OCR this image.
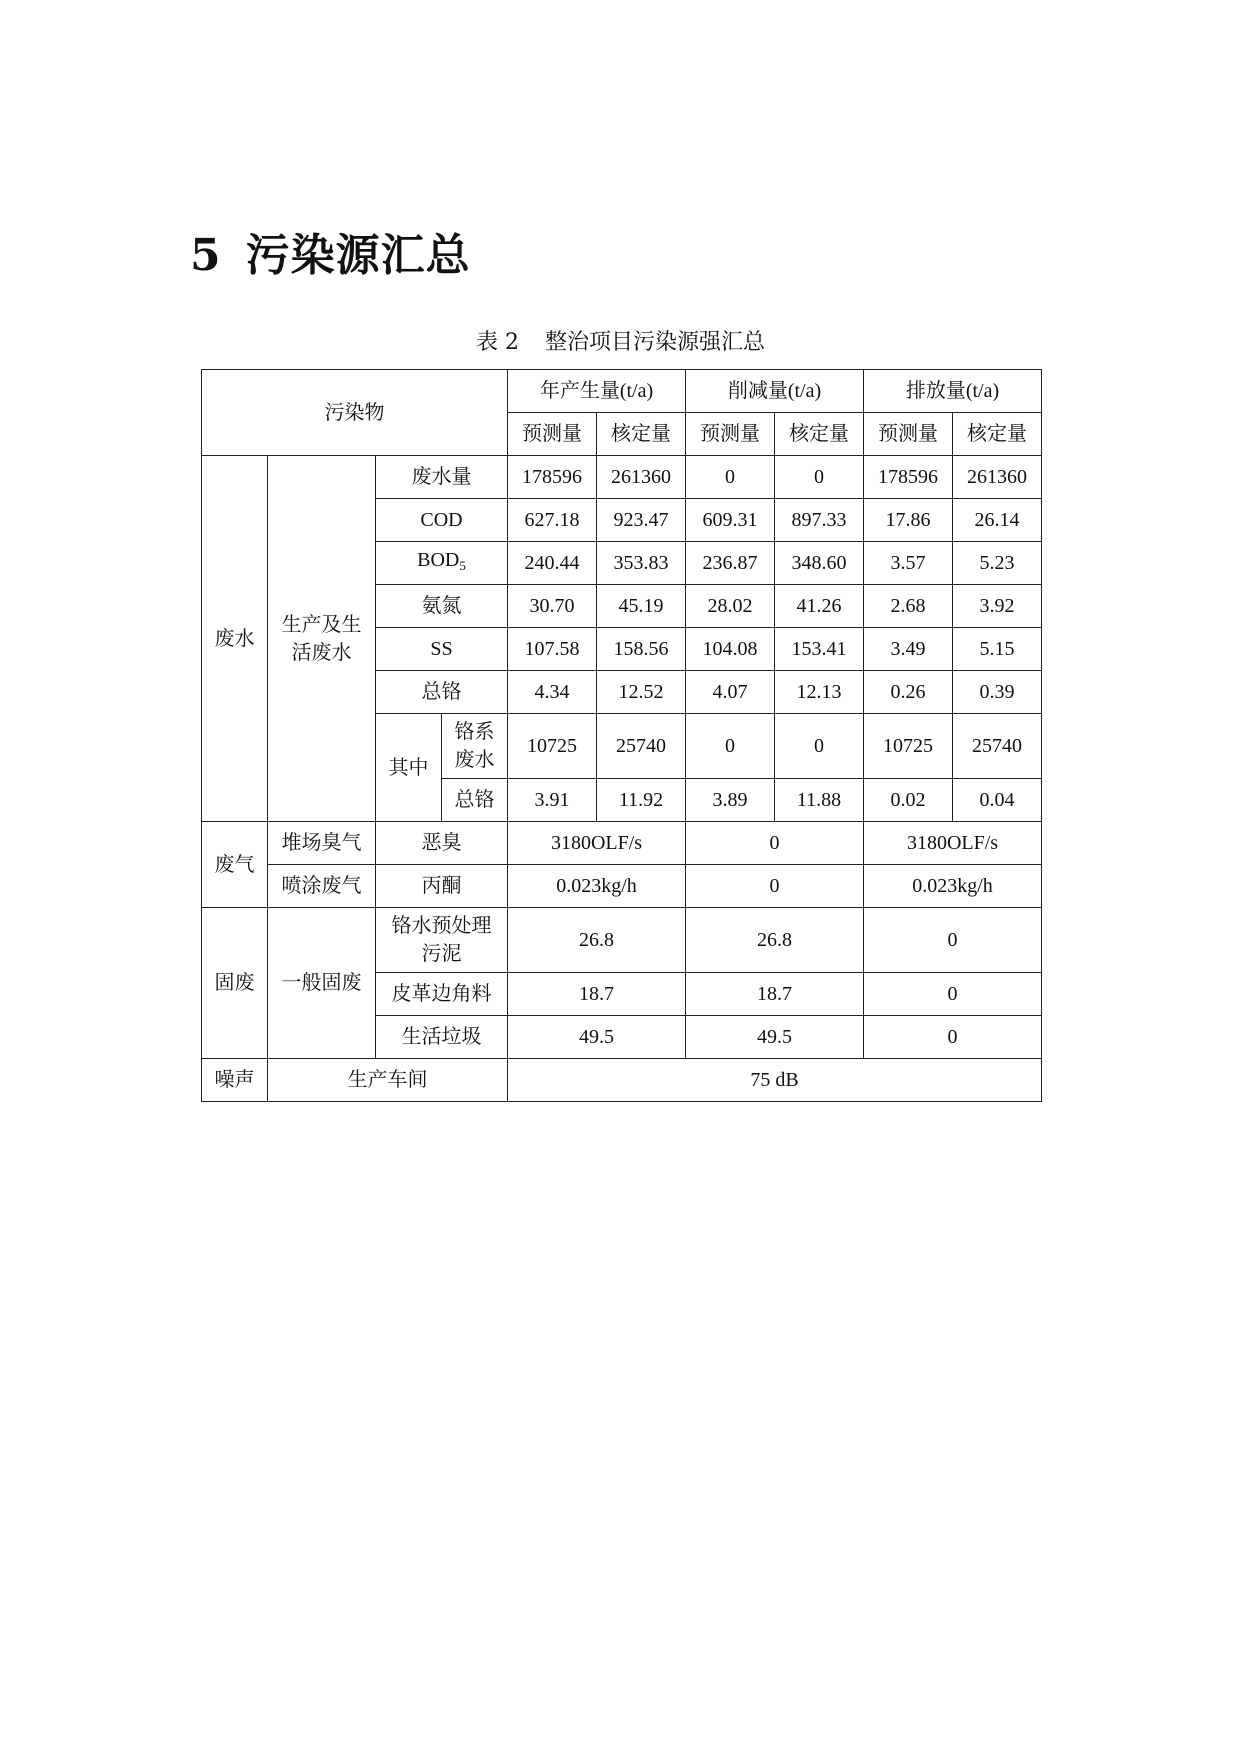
5 污染源汇总
表 2 整治项目污染源强汇总
污染物				年产生量(t/a)		削减量(t/a)		排放量(t/a)	
				预测量	核定量	预测量	核定量	预测量	核定量
废水	生产及生活废水	废水量		178596	261360	0	0	178596	261360
		COD		627.18	923.47	609.31	897.33	17.86	26.14
		$BOD_5$		240.44	353.83	236.87	348.60	3.57	5.23
		氨氮		30.70	45.19	28.02	41.26	2.68	3.92
		SS		107.58	158.56	104.08	153.41	3.49	5.15
		总铬		4.34	12.52	4.07	12.13	0.26	0.39
		其中	铬系废水	10725	25740	0	0	10725	25740
			总铬	3.91	11.92	3.89	11.88	0.02	0.04
废气	堆场臭气	恶臭		3180OLF/s		0		3180OLF/s	
	喷涂废气	丙酮		0.023kg/h		0		0.023kg/h	
固废	一般固废	铬水预处理污泥		26.8		26.8		0	
		皮革边角料		18.7		18.7		0	
		生活垃圾		49.5		49.5		0	
噪声	生产车间			75 dB					
